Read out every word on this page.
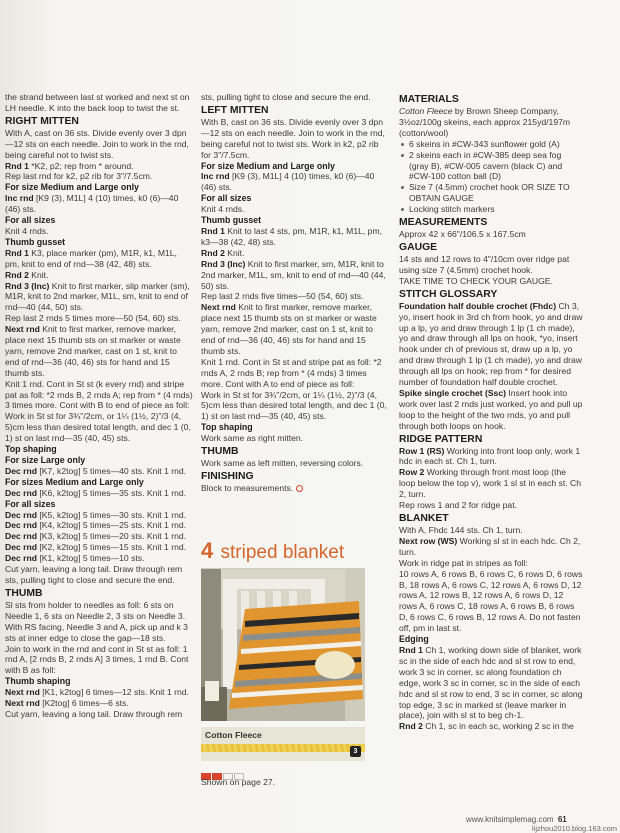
the strand between last st worked and next st on LH needle. K into the back loop to twist the st.

RIGHT MITTEN

With A, cast on 36 sts. Divide evenly over 3 dpn—12 sts on each needle. Join to work in the rnd, being careful not to twist sts.

Rnd 1 *K2, p2; rep from * around.

Rep last rnd for k2, p2 rib for 3"/7.5cm.

For size Medium and Large only

Inc rnd [K9 (3), M1L] 4 (10) times, k0 (6)—40 (46) sts.

For all sizes

Knit 4 rnds.

Thumb gusset

Rnd 1 K3, place marker (pm), M1R, k1, M1L, pm, knit to end of rnd—38 (42, 48) sts.

Rnd 2 Knit.

Rnd 3 (Inc) Knit to first marker, slip marker (sm), M1R, knit to 2nd marker, M1L, sm, knit to end of rnd—40 (44, 50) sts.

Rep last 2 rnds 5 times more—50 (54, 60) sts.

Next rnd Knit to first marker, remove marker, place next 15 thumb sts on st marker or waste yarn, remove 2nd marker, cast on 1 st, knit to end of rnd—36 (40, 46) sts for hand and 15 thumb sts.

Knit 1 rnd. Cont in St st (k every rnd) and stripe pat as foll: *2 rnds B, 2 rnds A; rep from * (4 rnds) 3 times more. Cont with B to end of piece as foll:

Work in St st for 3¾"/2cm, or 1¼ (1½, 2)"/3 (4, 5)cm less than desired total length, and dec 1 (0, 1) st on last rnd—35 (40, 45) sts.

Top shaping
For size Large only

Dec rnd [K7, k2tog] 5 times—40 sts. Knit 1 rnd.

For sizes Medium and Large only

Dec rnd [K6, k2tog] 5 times—35 sts. Knit 1 rnd.

For all sizes

Dec rnd [K5, k2tog] 5 times—30 sts. Knit 1 rnd.

Dec rnd [K4, k2tog] 5 times—25 sts. Knit 1 rnd.

Dec rnd [K3, k2tog] 5 times—20 sts. Knit 1 rnd.

Dec rnd [K2, k2tog] 5 times—15 sts. Knit 1 rnd.

Dec rnd [K1, k2tog] 5 times—10 sts.

Cut yarn, leaving a long tail. Draw through rem sts, pulling tight to close and secure the end.

THUMB

Sl sts from holder to needles as foll: 6 sts on Needle 1, 6 sts on Needle 2, 3 sts on Needle 3. With RS facing, Needle 3 and A, pick up and k 3 sts at inner edge to close the gap—18 sts.

Join to work in the rnd and cont in St st as foll: 1 rnd A, [2 rnds B, 2 rnds A] 3 times, 1 rnd B. Cont with B as foll:

Thumb shaping

Next rnd [K1, k2tog] 6 times—12 sts. Knit 1 rnd.

Next rnd [K2tog] 6 times—6 sts.

Cut yarn, leaving a long tail. Draw through rem

sts, pulling tight to close and secure the end.

LEFT MITTEN

With B, cast on 36 sts. Divide evenly over 3 dpn—12 sts on each needle. Join to work in the rnd, being careful not to twist sts. Work in k2, p2 rib for 3"/7.5cm.

For size Medium and Large only

Inc rnd [K9 (3), M1L] 4 (10) times, k0 (6)—40 (46) sts.

For all sizes

Knit 4 rnds.

Thumb gusset

Rnd 1 Knit to last 4 sts, pm, M1R, k1, M1L, pm, k3—38 (42, 48) sts.

Rnd 2 Knit.

Rnd 3 (Inc) Knit to first marker, sm, M1R, knit to 2nd marker, M1L, sm, knit to end of rnd—40 (44, 50) sts.

Rep last 2 rnds five times—50 (54, 60) sts.

Next rnd Knit to first marker, remove marker, place next 15 thumb sts on st marker or waste yarn, remove 2nd marker, cast on 1 st, knit to end of rnd—36 (40, 46) sts for hand and 15 thumb sts.

Knit 1 rnd. Cont in St st and stripe pat as foll: *2 rnds A, 2 rnds B; rep from * (4 rnds) 3 times more. Cont with A to end of piece as foll:

Work in St st for 3¾"/2cm, or 1¼ (1½, 2)"/3 (4, 5)cm less than desired total length, and dec 1 (0, 1) st on last rnd—35 (40, 45) sts.

Top shaping

Work same as right mitten.

THUMB

Work same as left mitten, reversing colors.

FINISHING

Block to measurements.

MATERIALS

Cotton Fleece by Brown Sheep Company, 3½oz/100g skeins, each approx 215yd/197m (cotton/wool)

6 skeins in #CW-343 sunflower gold (A)

2 skeins each in #CW-385 deep sea fog (gray B), #CW-005 cavern (black C) and #CW-100 cotton ball (D)

Size 7 (4.5mm) crochet hook OR SIZE TO OBTAIN GAUGE

Locking stitch markers

MEASUREMENTS

Approx 42 x 66"/106.5 x 167.5cm

GAUGE

14 sts and 12 rows to 4"/10cm over ridge pat using size 7 (4.5mm) crochet hook.

TAKE TIME TO CHECK YOUR GAUGE.

STITCH GLOSSARY

Foundation half double crochet (Fhdc) Ch 3, yo, insert hook in 3rd ch from hook, yo and draw up a lp, yo and draw through 1 lp (1 ch made), yo and draw through all lps on hook, *yo, insert hook under ch of previous st, draw up a lp, yo and draw through 1 lp (1 ch made), yo and draw through all lps on hook; rep from * for desired number of foundation half double crochet.

Spike single crochet (Ssc) Insert hook into work over last 2 rnds just worked, yo and pull up loop to the height of the two rnds, yo and pull through both loops on hook.

RIDGE PATTERN

Row 1 (RS) Working into front loop only, work 1 hdc in each st. Ch 1, turn.

Row 2 Working through front most loop (the loop below the top v), work 1 sl st in each st. Ch 2, turn.

Rep rows 1 and 2 for ridge pat.

BLANKET

With A, Fhdc 144 sts. Ch 1, turn.

Next row (WS) Working sl st in each hdc. Ch 2, turn.

Work in ridge pat in stripes as foll:

10 rows A, 6 rows B, 6 rows C, 6 rows D, 6 rows B, 18 rows A, 6 rows C, 12 rows A, 6 rows D, 12 rows A, 12 rows B, 12 rows A, 6 rows D, 12 rows A, 6 rows C, 18 rows A, 6 rows B, 6 rows D, 6 rows C, 6 rows B, 12 rows A. Do not fasten off, pm in last st.

Edging

Rnd 1 Ch 1, working down side of blanket, work sc in the side of each hdc and sl st row to end, work 3 sc in corner, sc along foundation ch edge, work 3 sc in corner, sc in the side of each hdc and sl st row to end, 3 sc in corner, sc along top edge, 3 sc in marked st (leave marker in place), join with sl st to beg ch-1.

Rnd 2 Ch 1, sc in each sc, working 2 sc in the

4 striped blanket
Cotton Fleece
3
Shown on page 27.
www.knitsimplemag.com 61
lijzhou2010.blog.163.com
